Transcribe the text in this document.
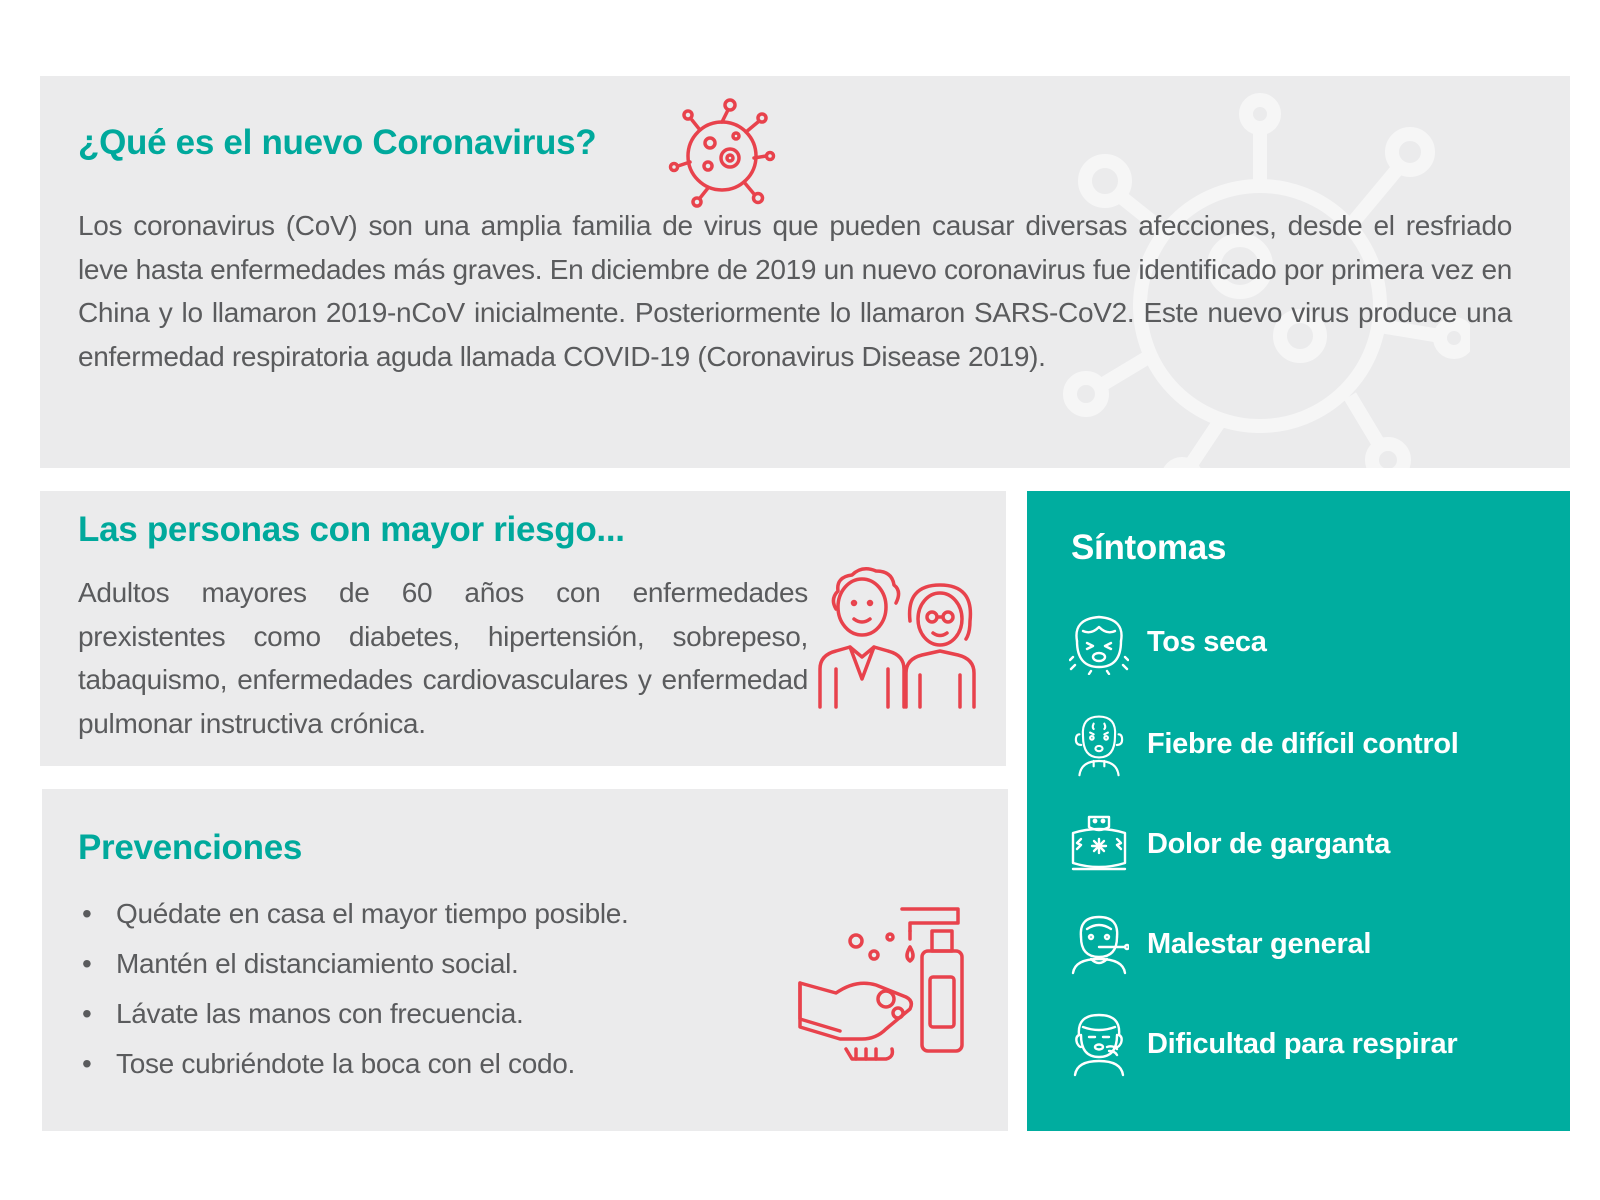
¿Qué es el nuevo Coronavirus?

Los coronavirus (CoV) son una amplia familia de virus que pueden causar diversas afecciones, desde el resfriado leve hasta enfermedades más graves. En diciembre de 2019 un nuevo coronavirus fue identificado por primera vez en China y lo llamaron 2019-nCoV inicialmente. Posteriormente lo llamaron SARS-CoV2. Este nuevo virus produce una enfermedad respiratoria aguda llamada COVID-19 (Coronavirus Disease 2019).

Las personas con mayor riesgo...

Adultos mayores de 60 años con enfermedades prexistentes como diabetes, hipertensión, sobrepeso, tabaquismo, enfermedades cardiovasculares y enfermedad pulmonar instructiva crónica.

Prevenciones
• Quédate en casa el mayor tiempo posible.
• Mantén el distanciamiento social.
• Lávate las manos con frecuencia.
• Tose cubriéndote la boca con el codo.
Síntomas
Tos seca
Fiebre de difícil control
Dolor de garganta
Malestar general
Dificultad para respirar
